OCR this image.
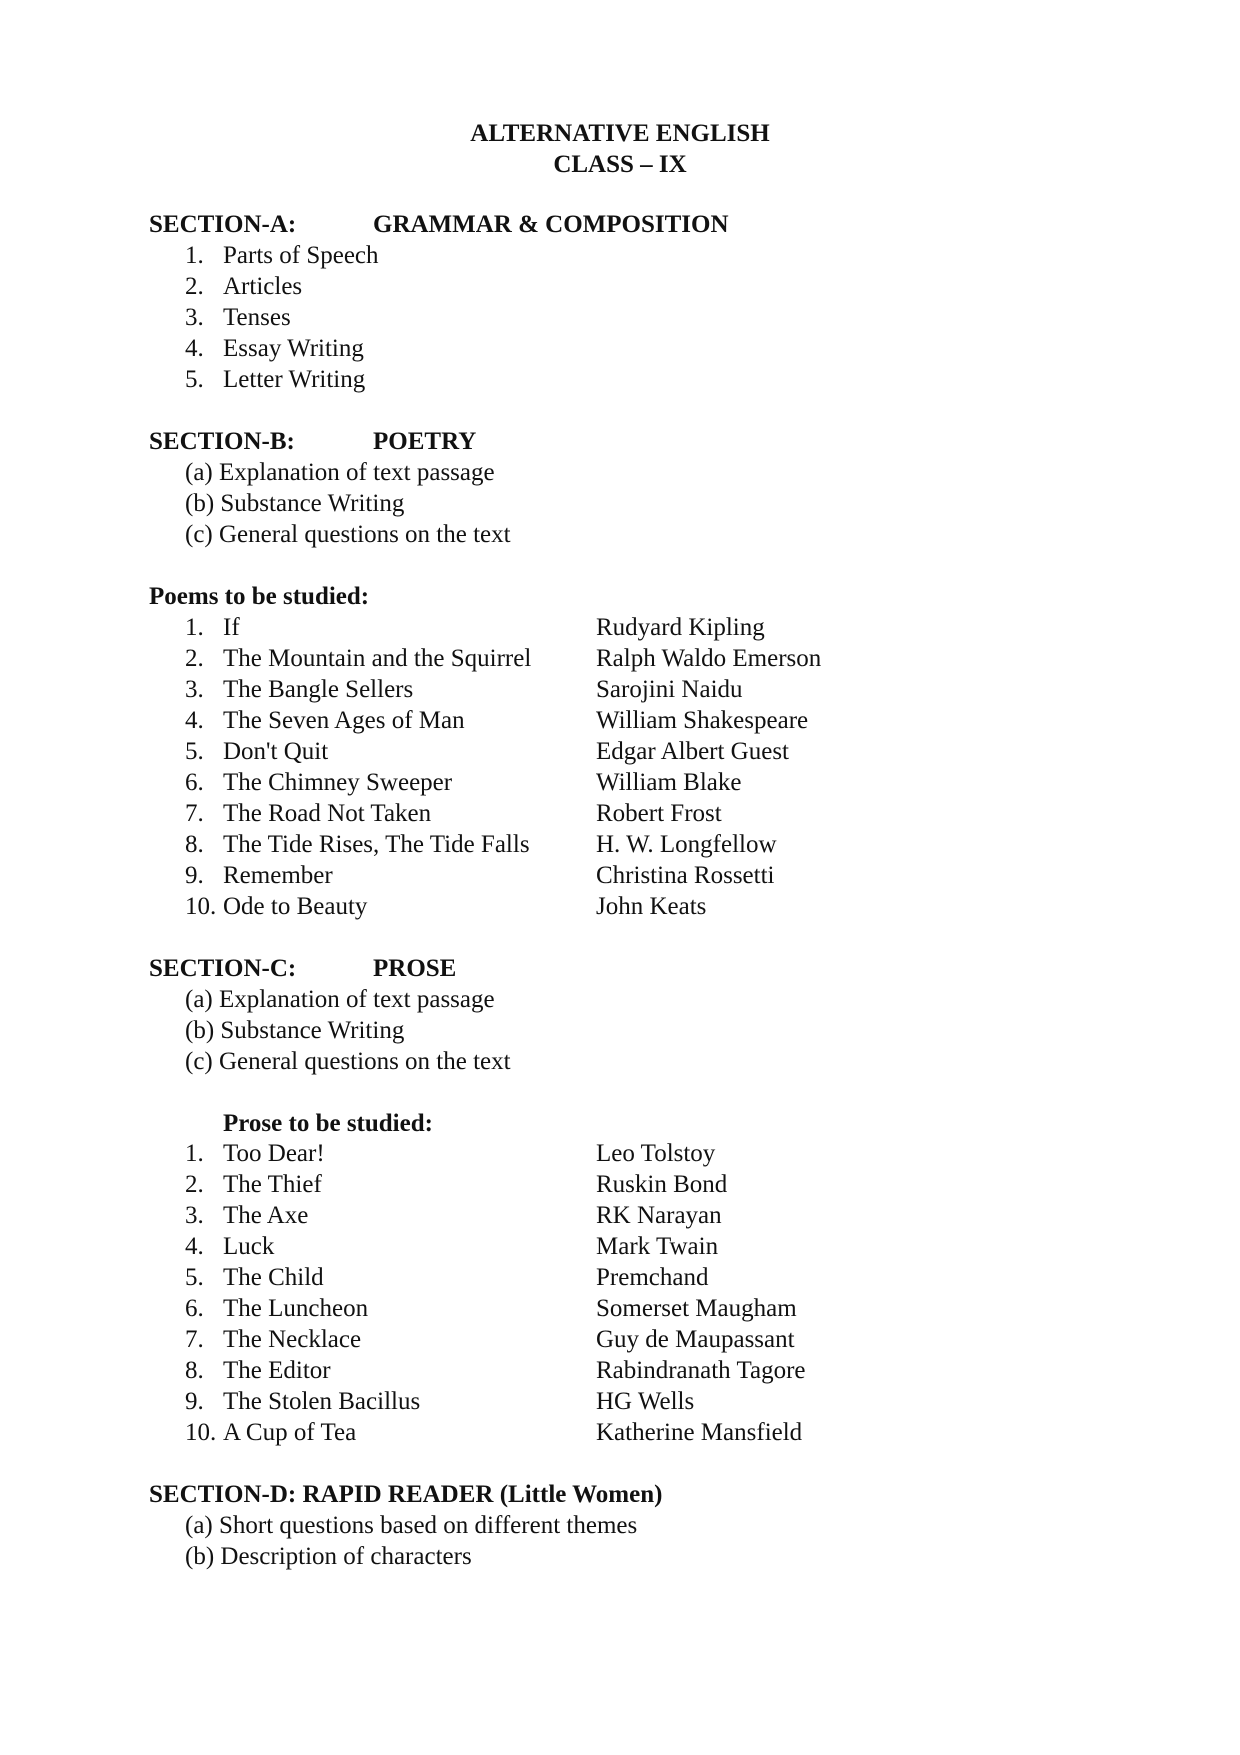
ALTERNATIVE ENGLISH
CLASS – IX
SECTION-A:	GRAMMAR & COMPOSITION
1. Parts of Speech
2. Articles
3. Tenses
4. Essay Writing
5. Letter Writing
SECTION-B:	POETRY
(a) Explanation of text passage
(b) Substance Writing
(c) General questions on the text
Poems to be studied:
1. If	Rudyard Kipling
2. The Mountain and the Squirrel	Ralph Waldo Emerson
3. The Bangle Sellers	Sarojini Naidu
4. The Seven Ages of Man	William Shakespeare
5. Don't Quit	Edgar Albert Guest
6. The Chimney Sweeper	William Blake
7. The Road Not Taken	Robert Frost
8. The Tide Rises, The Tide Falls	H. W. Longfellow
9. Remember	Christina Rossetti
10. Ode to Beauty	John Keats
SECTION-C:	PROSE
(a) Explanation of text passage
(b) Substance Writing
(c) General questions on the text
Prose to be studied:
1. Too Dear!	Leo Tolstoy
2. The Thief	Ruskin Bond
3. The Axe	RK Narayan
4. Luck	Mark Twain
5. The Child	Premchand
6. The Luncheon	Somerset Maugham
7. The Necklace	Guy de Maupassant
8. The Editor	Rabindranath Tagore
9. The Stolen Bacillus	HG Wells
10. A Cup of Tea	Katherine Mansfield
SECTION-D: RAPID READER (Little Women)
(a) Short questions based on different themes
(b) Description of characters
